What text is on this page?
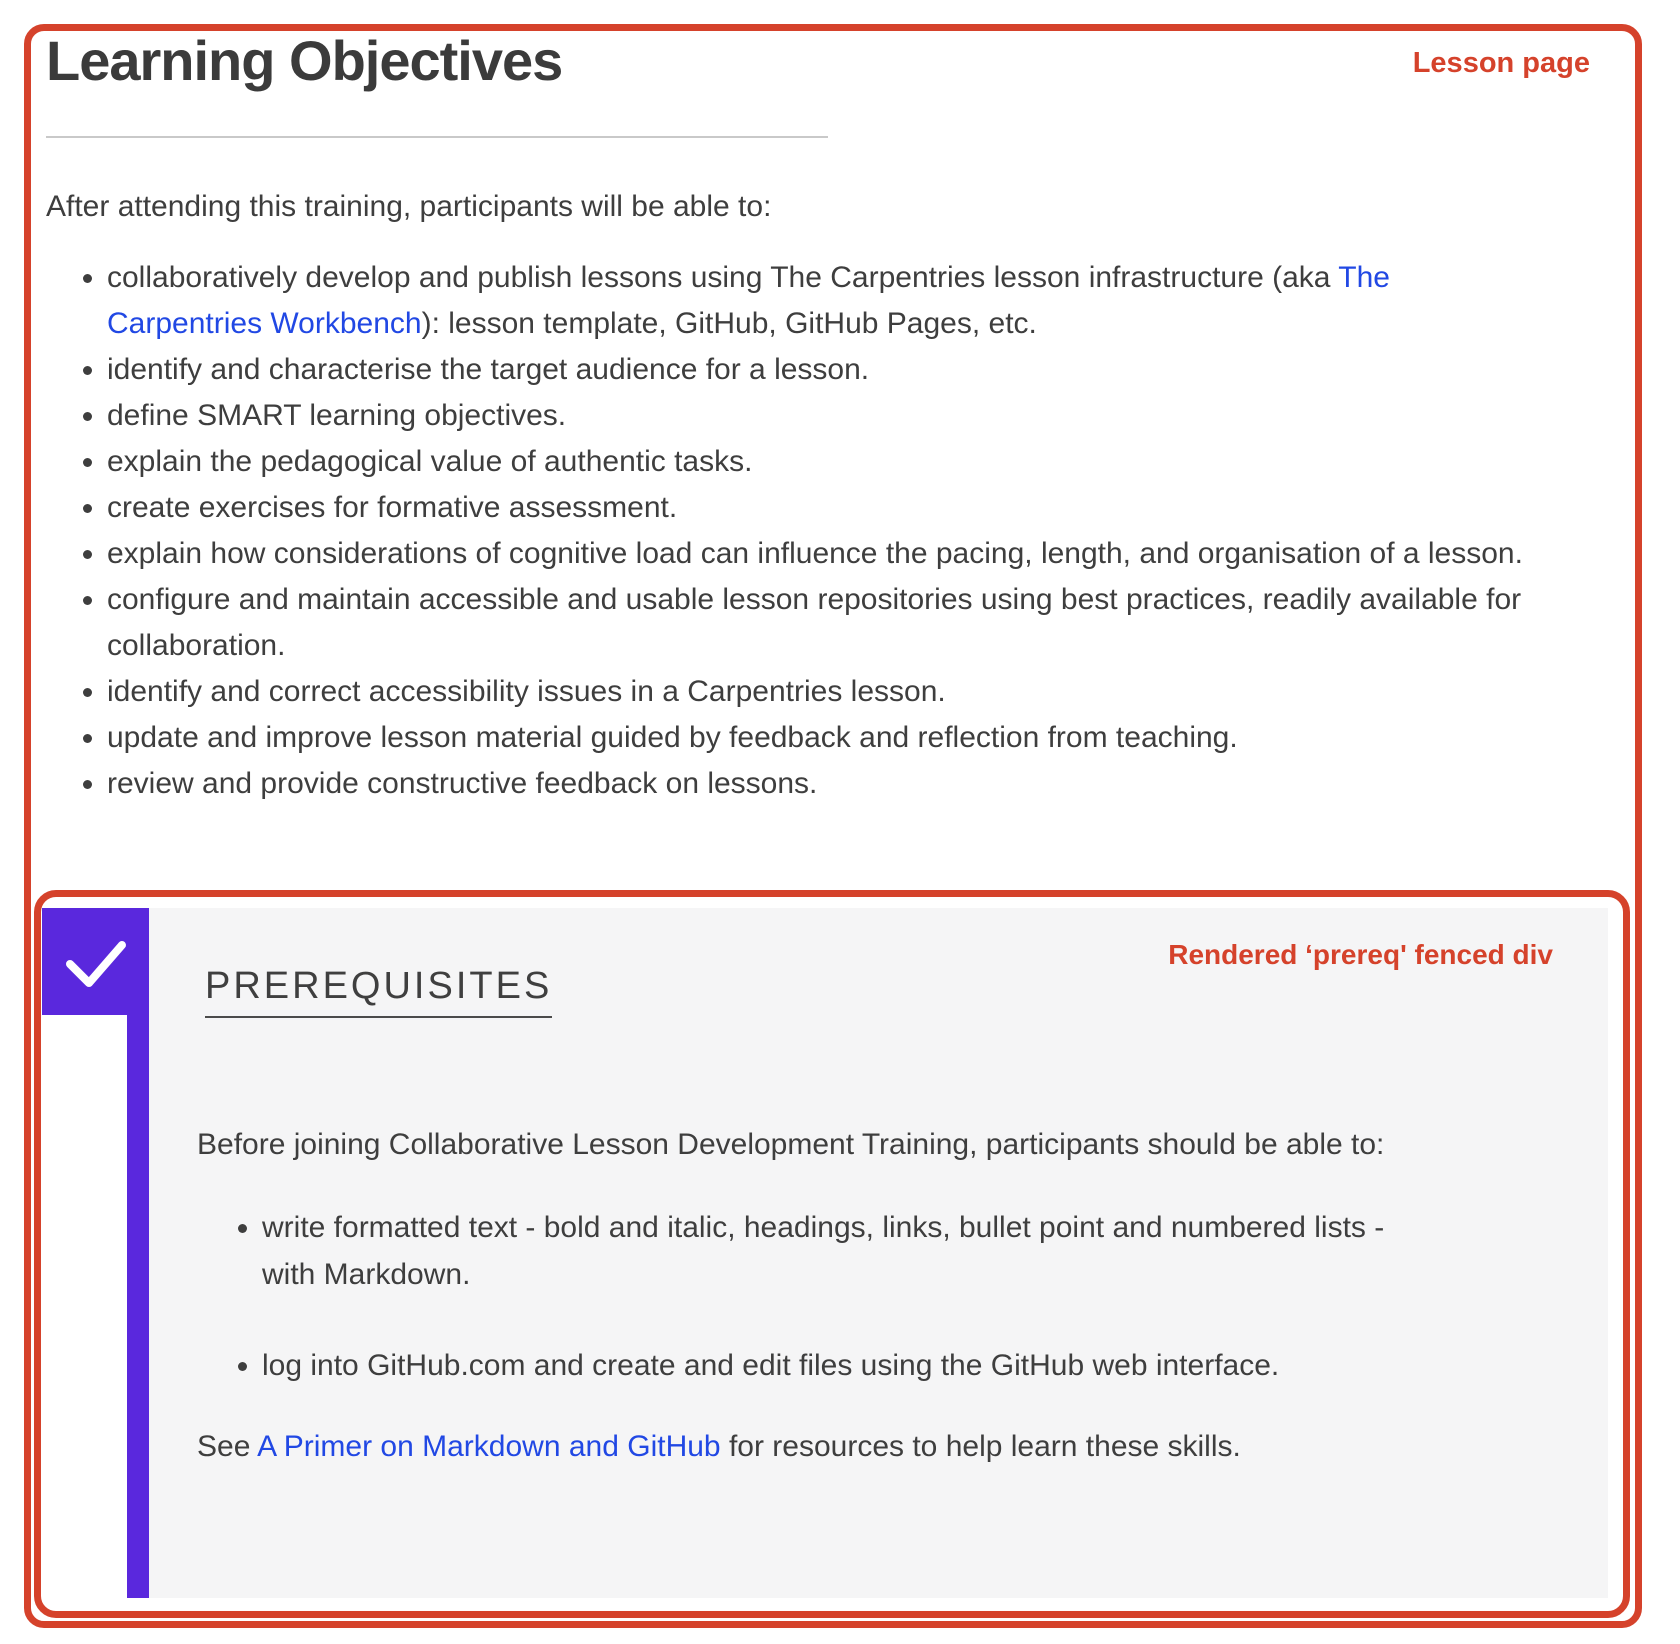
Lesson page
Learning Objectives

After attending this training, participants will be able to:

• collaboratively develop and publish lessons using The Carpentries lesson infrastructure (aka The Carpentries Workbench): lesson template, GitHub, GitHub Pages, etc.
• identify and characterise the target audience for a lesson.
• define SMART learning objectives.
• explain the pedagogical value of authentic tasks.
• create exercises for formative assessment.
• explain how considerations of cognitive load can influence the pacing, length, and organisation of a lesson.
• configure and maintain accessible and usable lesson repositories using best practices, readily available for collaboration.
• identify and correct accessibility issues in a Carpentries lesson.
• update and improve lesson material guided by feedback and reflection from teaching.
• review and provide constructive feedback on lessons.
Rendered ‘prereq' fenced div
PREREQUISITES

Before joining Collaborative Lesson Development Training, participants should be able to:

• write formatted text - bold and italic, headings, links, bullet point and numbered lists - with Markdown.
• log into GitHub.com and create and edit files using the GitHub web interface.

See A Primer on Markdown and GitHub for resources to help learn these skills.
